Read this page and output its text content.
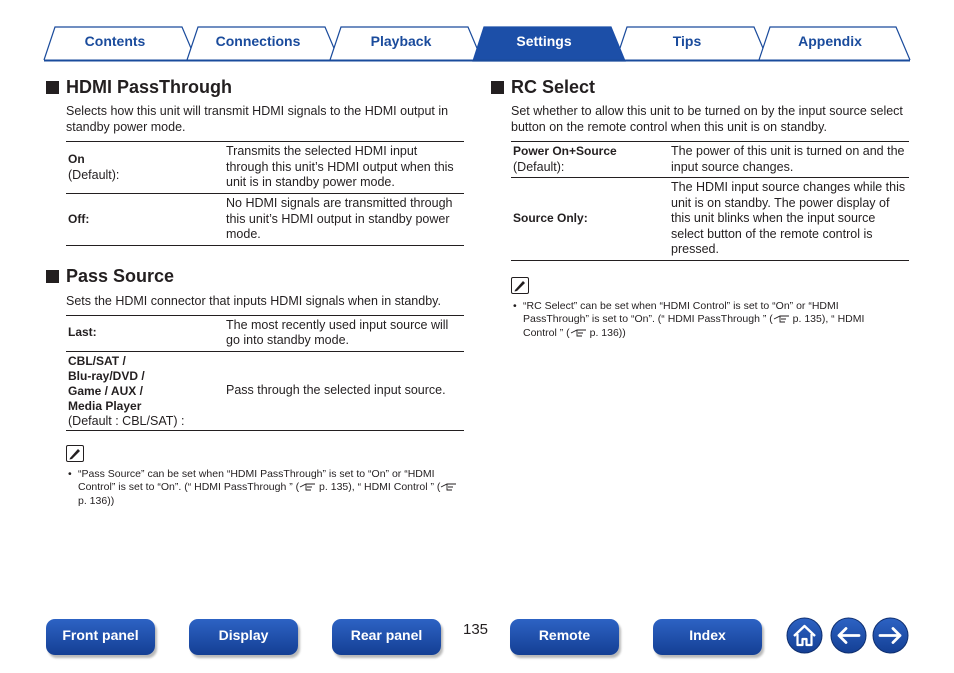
Contents	Connections	Playback	Settings	Tips	Appendix
HDMI PassThrough
Selects how this unit will transmit HDMI signals to the HDMI output in standby power mode.
On
(Default):	Transmits the selected HDMI input through this unit’s HDMI output when this unit is in standby power mode.

Off:	No HDMI signals are transmitted through this unit’s HDMI output in standby power mode.
Pass Source
Sets the HDMI connector that inputs HDMI signals when in standby.
Last:	The most recently used input source will go into standby mode.

CBL/SAT /
Blu-ray/DVD /
Game / AUX /
Media Player
(Default : CBL/SAT) :	Pass through the selected input source.
• “Pass Source” can be set when “HDMI PassThrough” is set to “On” or “HDMI Control” is set to “On”. (“ HDMI PassThrough ” ( p. 135), “ HDMI Control ” ( p. 136))
RC Select
Set whether to allow this unit to be turned on by the input source select button on the remote control when this unit is on standby.
Power On+Source
(Default):	The power of this unit is turned on and the input source changes.

Source Only:	The HDMI input source changes while this unit is on standby. The power display of this unit blinks when the input source select button of the remote control is pressed.
• “RC Select” can be set when “HDMI Control” is set to “On” or “HDMI PassThrough” is set to “On”. (“ HDMI PassThrough ” ( p. 135), “ HDMI Control ” ( p. 136))
Front panel	Display	Rear panel	135	Remote	Index
